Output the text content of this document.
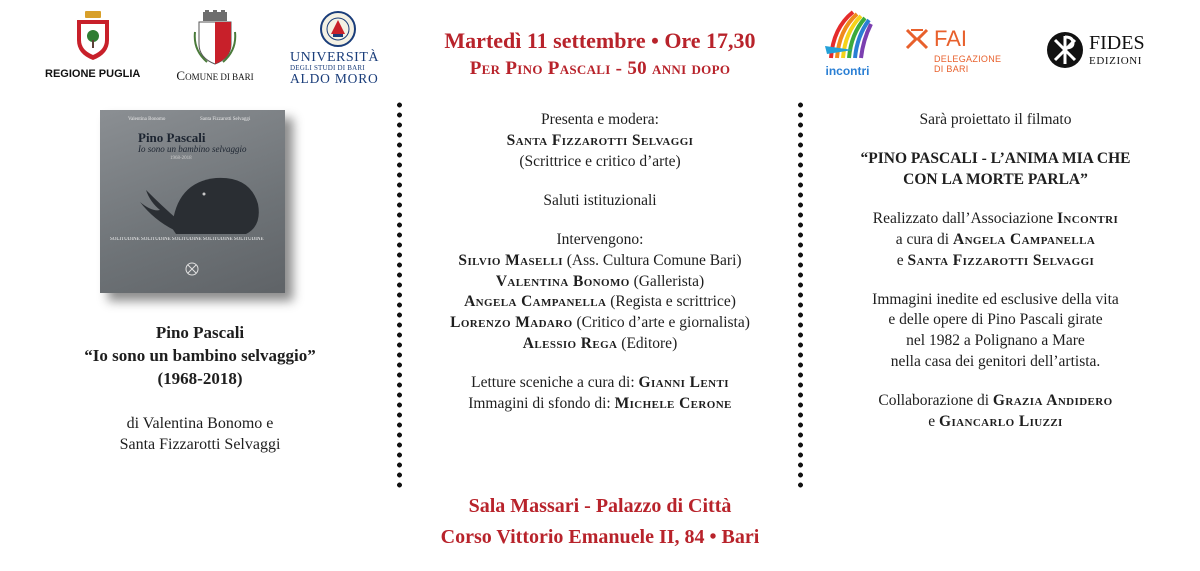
REGIONE PUGLIA	COMUNE DI BARI
UNIVERSITÀ
DEGLI STUDI DI BARI
ALDO MORO	incontri
FAI
DELEGAZIONE
DI BARI
FIDES
EDIZIONI
Martedì 11 settembre • Ore 17,30
Per Pino Pascali - 50 anni dopo
Valentina Bonomo	Santa Fizzarotti Selvaggi
Pino Pascali
Io sono un bambino selvaggio
1968-2018
SOLITUDINE SOLITUDINE SOLITUDINE SOLITUDINE SOLITUDINE
Pino Pascali
“Io sono un bambino selvaggio”
(1968-2018)
di Valentina Bonomo e
Santa Fizzarotti Selvaggi
Presenta e modera:
Santa Fizzarotti Selvaggi
(Scrittrice e critico d’arte)
Saluti istituzionali
Intervengono:
Silvio Maselli (Ass. Cultura Comune Bari)
Valentina Bonomo (Gallerista)
Angela Campanella (Regista e scrittrice)
Lorenzo Madaro (Critico d’arte e giornalista)
Alessio Rega (Editore)
Letture sceniche a cura di: Gianni Lenti
Immagini di sfondo di: Michele Cerone
Sarà proiettato il filmato
“PINO PASCALI - L’ANIMA MIA CHE
CON LA MORTE PARLA”
Realizzato dall’Associazione Incontri
a cura di Angela Campanella
e Santa Fizzarotti Selvaggi
Immagini inedite ed esclusive della vita
e delle opere di Pino Pascali girate
nel 1982 a Polignano a Mare
nella casa dei genitori dell’artista.
Collaborazione di Grazia Andidero
e Giancarlo Liuzzi
Sala Massari - Palazzo di Città
Corso Vittorio Emanuele II, 84 • Bari
